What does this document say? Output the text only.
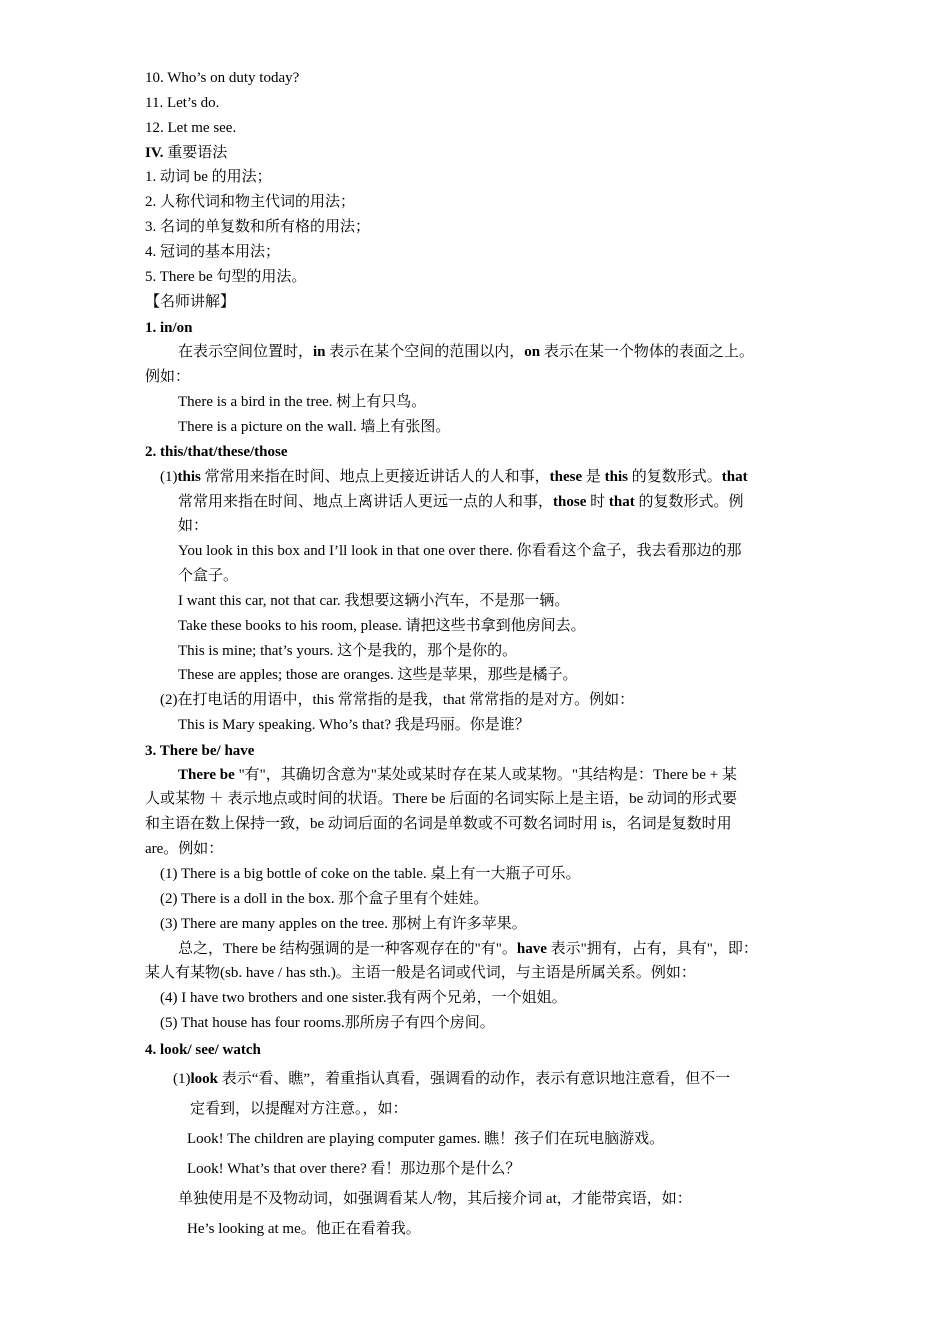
10. Who’s on duty today?
11. Let’s do.
12. Let me see.
IV. 重要语法
1. 动词 be 的用法；
2. 人称代词和物主代词的用法；
3. 名词的单复数和所有格的用法；
4. 冠词的基本用法；
5. There be 句型的用法。
【名师讲解】
1. in/on
在表示空间位置时，in 表示在某个空间的范围以内，on 表示在某一个物体的表面之上。
例如：
There is a bird in the tree. 树上有只鸟。
There is a picture on the wall. 墙上有张图。
2. this/that/these/those
(1)this 常常用来指在时间、地点上更接近讲话人的人和事，these 是 this 的复数形式。that
常常用来指在时间、地点上离讲话人更远一点的人和事，those 时 that 的复数形式。例
如：
You look in this box and I’ll look in that one over there. 你看看这个盒子，我去看那边的那
个盒子。
I want this car, not that car. 我想要这辆小汽车，不是那一辆。
Take these books to his room, please. 请把这些书拿到他房间去。
This is mine; that’s yours. 这个是我的，那个是你的。
These are apples; those are oranges. 这些是苹果，那些是橘子。
(2)在打电话的用语中，this 常常指的是我，that 常常指的是对方。例如：
This is Mary speaking. Who’s that? 我是玛丽。你是谁？
3. There be/ have
There be "有"，其确切含意为"某处或某时存在某人或某物。"其结构是：There be + 某
人或某物 ＋ 表示地点或时间的状语。There be 后面的名词实际上是主语，be 动词的形式要
和主语在数上保持一致，be 动词后面的名词是单数或不可数名词时用 is，名词是复数时用
are。例如：
(1) There is a big bottle of coke on the table. 桌上有一大瓶子可乐。
(2) There is a doll in the box. 那个盒子里有个娃娃。
(3) There are many apples on the tree. 那树上有许多苹果。
总之，There be 结构强调的是一种客观存在的"有"。have 表示"拥有，占有，具有"，即：
某人有某物(sb. have / has sth.)。主语一般是名词或代词，与主语是所属关系。例如：
(4) I have two brothers and one sister.我有两个兄弟，一个姐姐。
(5) That house has four rooms.那所房子有四个房间。
4. look/ see/ watch
(1)look 表示“看、瞧”，着重指认真看，强调看的动作，表示有意识地注意看，但不一
定看到，以提醒对方注意。，如：
Look! The children are playing computer games. 瞧！孩子们在玩电脑游戏。
Look! What’s that over there? 看！那边那个是什么？
单独使用是不及物动词，如强调看某人/物，其后接介词 at，才能带宾语，如：
He’s looking at me。他正在看着我。
